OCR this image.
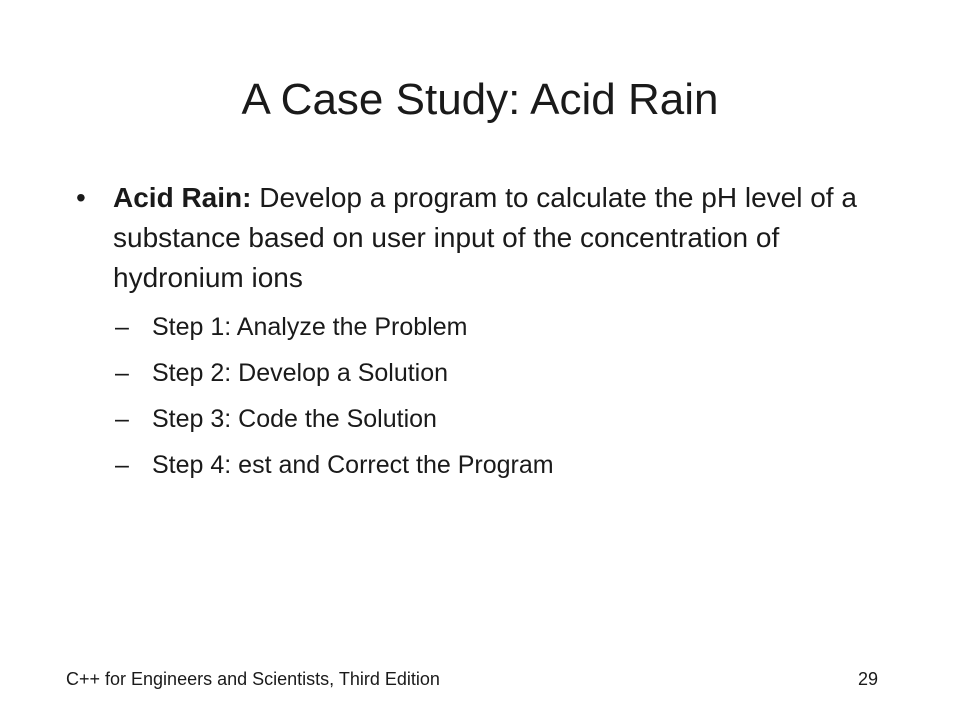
A Case Study: Acid Rain
• Acid Rain: Develop a program to calculate the pH level of a substance based on user input of the concentration of hydronium ions
– Step 1: Analyze the Problem
– Step 2: Develop a Solution
– Step 3: Code the Solution
– Step 4: est and Correct the Program
C++ for Engineers and Scientists, Third Edition	29
